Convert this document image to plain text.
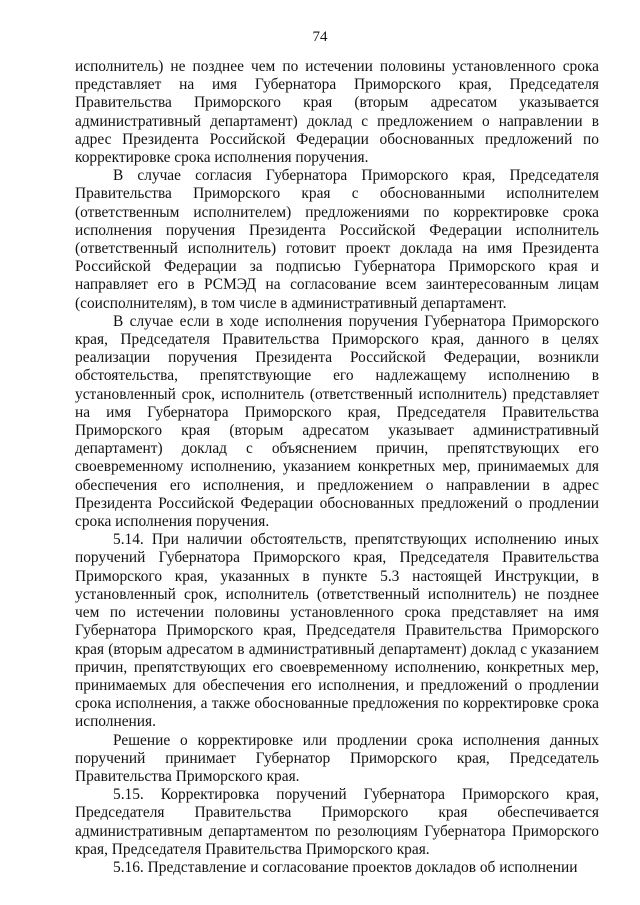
74

исполнитель) не позднее чем по истечении половины установленного срока представляет на имя Губернатора Приморского края, Председателя Правительства Приморского края (вторым адресатом указывается административный департамент) доклад с предложением о направлении в адрес Президента Российской Федерации обоснованных предложений по корректировке срока исполнения поручения.

В случае согласия Губернатора Приморского края, Председателя Правительства Приморского края с обоснованными исполнителем (ответственным исполнителем) предложениями по корректировке срока исполнения поручения Президента Российской Федерации исполнитель (ответственный исполнитель) готовит проект доклада на имя Президента Российской Федерации за подписью Губернатора Приморского края и направляет его в РСМЭД на согласование всем заинтересованным лицам (соисполнителям), в том числе в административный департамент.

В случае если в ходе исполнения поручения Губернатора Приморского края, Председателя Правительства Приморского края, данного в целях реализации поручения Президента Российской Федерации, возникли обстоятельства, препятствующие его надлежащему исполнению в установленный срок, исполнитель (ответственный исполнитель) представляет на имя Губернатора Приморского края, Председателя Правительства Приморского края (вторым адресатом указывает административный департамент) доклад с объяснением причин, препятствующих его своевременному исполнению, указанием конкретных мер, принимаемых для обеспечения его исполнения, и предложением о направлении в адрес Президента Российской Федерации обоснованных предложений о продлении срока исполнения поручения.

5.14. При наличии обстоятельств, препятствующих исполнению иных поручений Губернатора Приморского края, Председателя Правительства Приморского края, указанных в пункте 5.3 настоящей Инструкции, в установленный срок, исполнитель (ответственный исполнитель) не позднее чем по истечении половины установленного срока представляет на имя Губернатора Приморского края, Председателя Правительства Приморского края (вторым адресатом в административный департамент) доклад с указанием причин, препятствующих его своевременному исполнению, конкретных мер, принимаемых для обеспечения его исполнения, и предложений о продлении срока исполнения, а также обоснованные предложения по корректировке срока исполнения.

Решение о корректировке или продлении срока исполнения данных поручений принимает Губернатор Приморского края, Председатель Правительства Приморского края.

5.15. Корректировка поручений Губернатора Приморского края, Председателя Правительства Приморского края обеспечивается административным департаментом по резолюциям Губернатора Приморского края, Председателя Правительства Приморского края.

5.16. Представление и согласование проектов докладов об исполнении
